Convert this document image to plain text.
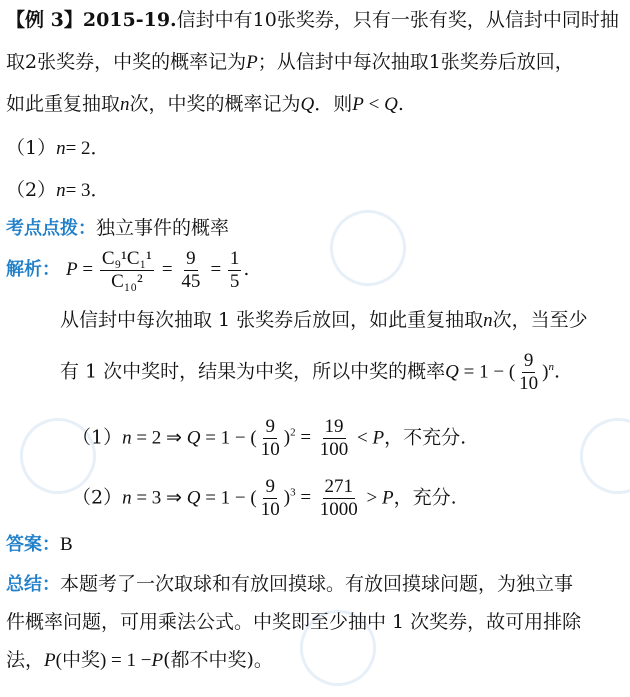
【例 3】2015-19.信封中有10张奖券，只有一张有奖，从信封中同时抽
取2张奖券，中奖的概率记为P；从信封中每次抽取1张奖券后放回，
如此重复抽取n次，中奖的概率记为Q．则P < Q.
（1）n= 2．
（2）n= 3．
考点点拨：独立事件的概率
解析： $P = \frac{\text{C₉¹C₁¹}}{\text{C₁₀²}} = \frac{9}{45} = \frac{1}{5}$ .
从信封中每次抽取 1 张奖券后放回，如此重复抽取n次，当至少
有 1 次中奖时，结果为中奖，所以中奖的概率Q = 1 − ( $\frac{9}{10} )^n$.
（1）n = 2 ⇒ Q = 1 − ( $\frac{9}{10} )^2 = \frac{19}{100} < P$，不充分.
（2）n = 3 ⇒ Q = 1 − ( $\frac{9}{10} )^3 = \frac{271}{1000} > P$，充分.
答案：B
总结：本题考了一次取球和有放回摸球。有放回摸球问题，为独立事
件概率问题，可用乘法公式。中奖即至少抽中 1 次奖券，故可用排除
法，P(中奖) = 1 −P(都不中奖)。
